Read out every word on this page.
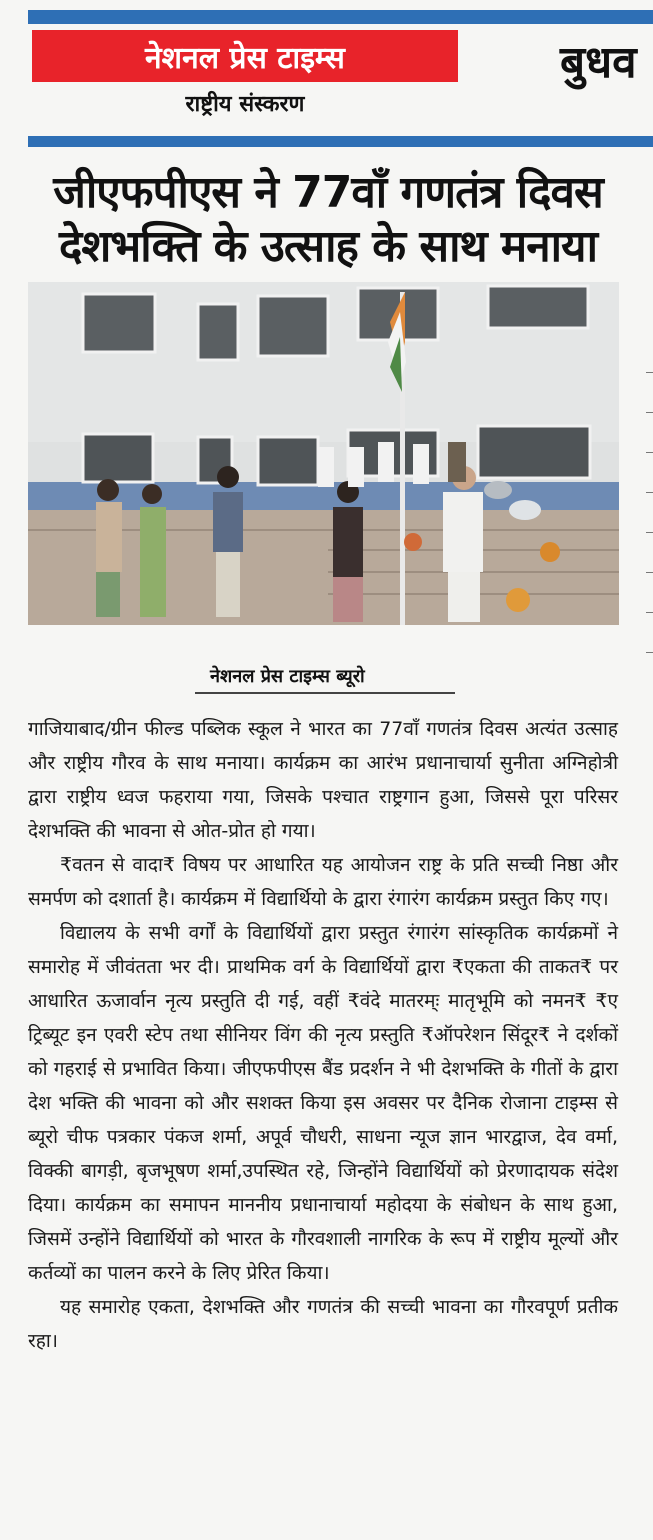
नेशनल प्रेस टाइम्स
राष्ट्रीय संस्करण
बुधव
जीएफपीएस ने 77वाँ गणतंत्र दिवस
देशभक्ति के उत्साह के साथ मनाया
नेशनल प्रेस टाइम्स ब्यूरो

गाजियाबाद/ग्रीन फील्ड पब्लिक स्कूल ने भारत का 77वाँ गणतंत्र दिवस अत्यंत उत्साह और राष्ट्रीय गौरव के साथ मनाया। कार्यक्रम का आरंभ प्रधानाचार्या सुनीता अग्निहोत्री द्वारा राष्ट्रीय ध्वज फहराया गया, जिसके पश्चात राष्ट्रगान हुआ, जिससे पूरा परिसर देशभक्ति की भावना से ओत-प्रोत हो गया।

₹वतन से वादा₹ विषय पर आधारित यह आयोजन राष्ट्र के प्रति सच्ची निष्ठा और समर्पण को दशार्ता है। कार्यक्रम में विद्यार्थियो के द्वारा रंगारंग कार्यक्रम प्रस्तुत किए गए।

विद्यालय के सभी वर्गों के विद्यार्थियों द्वारा प्रस्तुत रंगारंग सांस्कृतिक कार्यक्रमों ने समारोह में जीवंतता भर दी। प्राथमिक वर्ग के विद्यार्थियों द्वारा ₹एकता की ताकत₹ पर आधारित ऊजार्वान नृत्य प्रस्तुति दी गई, वहीं ₹वंदे मातरम्ः मातृभूमि को नमन₹ ₹ए ट्रिब्यूट इन एवरी स्टेप तथा सीनियर विंग की नृत्य प्रस्तुति ₹ऑपरेशन सिंदूर₹ ने दर्शकों को गहराई से प्रभावित किया। जीएफपीएस बैंड प्रदर्शन ने भी देशभक्ति के गीतों के द्वारा देश भक्ति की भावना को और सशक्त किया इस अवसर पर दैनिक रोजाना टाइम्स से ब्यूरो चीफ पत्रकार पंकज शर्मा, अपूर्व चौधरी, साधना न्यूज ज्ञान भारद्वाज, देव वर्मा, विक्की बागड़ी, बृजभूषण शर्मा,उपस्थित रहे, जिन्होंने विद्यार्थियों को प्रेरणादायक संदेश दिया। कार्यक्रम का समापन माननीय प्रधानाचार्या महोदया के संबोधन के साथ हुआ, जिसमें उन्होंने विद्यार्थियों को भारत के गौरवशाली नागरिक के रूप में राष्ट्रीय मूल्यों और कर्तव्यों का पालन करने के लिए प्रेरित किया।

यह समारोह एकता, देशभक्ति और गणतंत्र की सच्ची भावना का गौरवपूर्ण प्रतीक रहा।
